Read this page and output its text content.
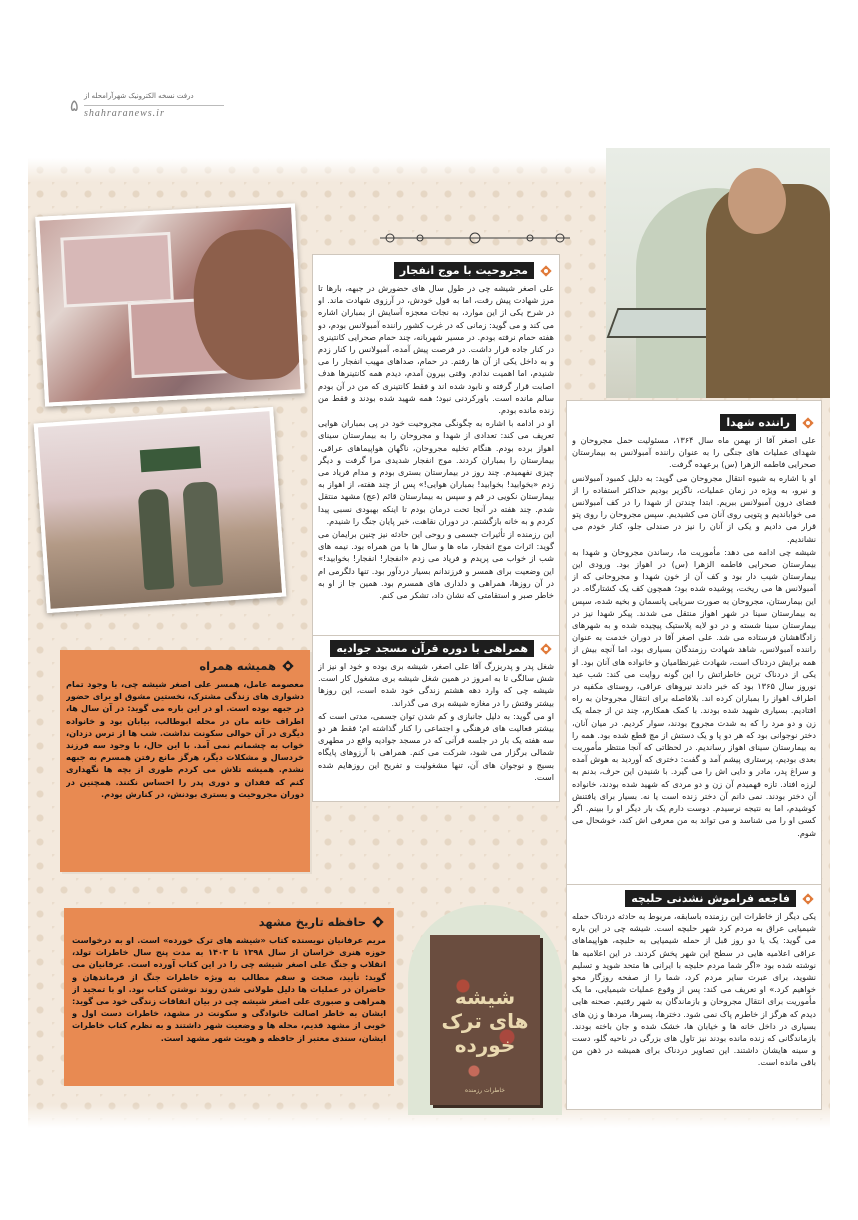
درفت نسخه الکترونیک شهرآرامحله از
۵ shahraranews.ir
مجروحیت با موج انفجار

علی اصغر شیشه چی در طول سال های حضورش در جبهه، بارها تا مرز شهادت پیش رفت، اما به قول خودش، در آرزوی شهادت ماند. او در شرح یکی از این موارد، به نجات معجزه آسایش از بمباران اشاره می کند و می گوید: زمانی که در غرب کشور راننده آمبولانس بودم، دو هفته حمام نرفته بودم. در مسیر شهربانه، چند حمام صحرایی کانتینری در کنار جاده قرار داشت. در فرصت پیش آمده، آمبولانس را کنار زدم و به داخل یکی از آن ها رفتم. در حمام، صداهای مهیب انفجار را می شنیدم، اما اهمیت ندادم. وقتی بیرون آمدم، دیدم همه کانتینرها هدف اصابت قرار گرفته و نابود شده اند و فقط کانتینری که من در آن بودم سالم مانده است. باورکردنی نبود؛ همه شهید شده بودند و فقط من زنده مانده بودم.

او در ادامه با اشاره به چگونگی مجروحیت خود در پی بمباران هوایی تعریف می کند: تعدادی از شهدا و مجروحان را به بیمارستان سینای اهواز برده بودم. هنگام تخلیه مجروحان، ناگهان هواپیماهای عراقی، بیمارستان را بمباران کردند. موج انفجار شدیدی مرا گرفت و دیگر چیزی نفهمیدم. چند روز در بیمارستان بستری بودم و مدام فریاد می زدم «بخوابید! بخوابید! بمباران هوایی!» پس از چند هفته، از اهواز به بیمارستان نکویی در قم و سپس به بیمارستان قائم (عج) مشهد منتقل شدم. چند هفته در آنجا تحت درمان بودم تا اینکه بهبودی نسبی پیدا کردم و به خانه بازگشتم. در دوران نقاهت، خبر پایان جنگ را شنیدم.

این رزمنده از تأثیرات جسمی و روحی این حادثه نیز چنین برایمان می گوید: اثرات موج انفجار، ماه ها و سال ها با من همراه بود. نیمه های شب از خواب می پریدم و فریاد می زدم «انفجار! انفجار! بخوابید!» این وضعیت برای همسر و فرزندانم بسیار دردآور بود. تنها دلگرمی ام در آن روزها، همراهی و دلداری های همسرم بود. همین جا از او به خاطر صبر و استقامتی که نشان داد، تشکر می کنم.

همراهی با دوره قرآن مسجد جوادیه

شغل پدر و پدربزرگ آقا علی اصغر، شیشه بری بوده و خود او نیز از شش سالگی تا به امروز در همین شغل شیشه بری مشغول کار است. شیشه چی که وارد دهه هشتم زندگی خود شده است، این روزها بیشتر وقتش را در مغازه شیشه بری می گذراند.

او می گوید: به دلیل جانبازی و کم شدن توان جسمی، مدتی است که بیشتر فعالیت های فرهنگی و اجتماعی را کنار گذاشته ام؛ فقط هر دو سه هفته یک بار در جلسه قرآنی که در مسجد جوادیه واقع در مطهری شمالی برگزار می شود، شرکت می کنم. همراهی با آرزوهای پایگاه بسیج و نوجوان های آن، تنها مشغولیت و تفریح این روزهایم شده است.

راننده شهدا

علی اصغر آقا از بهمن ماه سال ۱۳۶۴، مسئولیت حمل مجروحان و شهدای عملیات های جنگی را به عنوان راننده آمبولانس به بیمارستان صحرایی فاطمه الزهرا (س) برعهده گرفت.

او با اشاره به شیوه انتقال مجروحان می گوید: به دلیل کمبود آمبولانس و نیرو، به ویژه در زمان عملیات، ناگزیر بودیم حداکثر استفاده را از فضای درون آمبولانس ببریم. ابتدا چندتن از شهدا را در کف آمبولانس می خواباندیم و پتویی روی آنان می کشیدیم. سپس مجروحان را روی پتو قرار می دادیم و یکی از آنان را نیز در صندلی جلو، کنار خودم می نشاندیم.

شیشه چی ادامه می دهد: مأموریت ما، رساندن مجروحان و شهدا به بیمارستان صحرایی فاطمه الزهرا (س) در اهواز بود. ورودی این بیمارستان شیب دار بود و کف آن از خون شهدا و مجروحانی که از آمبولانس ها می ریخت، پوشیده شده بود؛ همچون کف یک کشتارگاه. در این بیمارستان، مجروحان به صورت سرپایی پانسمان و بخیه شده، سپس به بیمارستان سینا در شهر اهواز منتقل می شدند. پیکر شهدا نیز در بیمارستان سینا شسته و در دو لایه پلاستیک پیچیده شده و به شهرهای زادگاهشان فرستاده می شد. علی اصغر آقا در دوران خدمت به عنوان راننده آمبولانس، شاهد شهادت رزمندگان بسیاری بود، اما آنچه بیش از همه برایش دردناک است، شهادت غیرنظامیان و خانواده های آنان بود. او یکی از دردناک ترین خاطراتش را این گونه روایت می کند: شب عید نوروز سال ۱۳۶۵ بود که خبر دادند نیروهای عراقی، روستای مکفیه در اطراف اهواز را بمباران کرده اند. بلافاصله برای انتقال مجروحان به راه افتادیم. بسیاری شهید شده بودند. با کمک همکارم، چند تن از جمله یک زن و دو مرد را که به شدت مجروح بودند، سوار کردیم. در میان آنان، دختر نوجوانی بود که هر دو پا و یک دستش از مچ قطع شده بود. همه را به بیمارستان سینای اهواز رساندیم. در لحظاتی که آنجا منتظر مأموریت بعدی بودیم، پرستاری پیشم آمد و گفت: دختری که آوردید به هوش آمده و سراغ پدر، مادر و دایی اش را می گیرد. با شنیدن این حرف، بدنم به لرزه افتاد. تازه فهمیدم آن زن و دو مردی که شهید شده بودند، خانواده آن دختر بودند. نمی دانم آن دختر زنده است یا نه. بسیار برای یافتنش کوشیدم، اما به نتیجه نرسیدم. دوست دارم یک بار دیگر او را ببینم. اگر کسی او را می شناسد و می تواند به من معرفی اش کند، خوشحال می شوم.

فاجعه فراموش نشدنی حلبچه

یکی دیگر از خاطرات این رزمنده باسابقه، مربوط به حادثه دردناک حمله شیمیایی عراق به مردم کرد شهر حلبچه است. شیشه چی در این باره می گوید: یک یا دو روز قبل از حمله شیمیایی به حلبچه، هواپیماهای عراقی اعلامیه هایی در سطح این شهر پخش کردند. در این اعلامیه ها نوشته شده بود «اگر شما مردم حلبچه با ایرانی ها متحد شوید و تسلیم نشوید، برای عبرت سایر مردم کرد، شما را از صفحه روزگار محو خواهیم کرد.» او تعریف می کند: پس از وقوع عملیات شیمیایی، ما یک مأموریت برای انتقال مجروحان و بازماندگان به شهر رفتیم. صحنه هایی دیدم که هرگز از خاطرم پاک نمی شود. دخترها، پسرها، مردها و زن های بسیاری در داخل خانه ها و خیابان ها، خشک شده و جان باخته بودند. بازماندگانی که زنده مانده بودند نیز تاول های بزرگی در ناحیه گلو، دست و سینه هایشان داشتند. این تصاویر دردناک برای همیشه در ذهن من باقی مانده است.

همیشه همراه

معصومه عامل، همسر علی اصغر شیشه چی، با وجود تمام دشواری های زندگی مشترک، نخستین مشوق او برای حضور در جبهه بوده است. او در این باره می گوید: در آن سال ها، اطراف خانه مان در محله ابوطالب، بیابان بود و خانواده دیگری در آن حوالی سکونت نداشت. شب ها از ترس دزدان، خواب به چشمانم نمی آمد. با این حال، با وجود سه فرزند خردسال و مشکلات دیگر، هرگز مانع رفتن همسرم به جبهه نشدم. همیشه تلاش می کردم طوری از بچه ها نگهداری کنم که فقدان و دوری پدر را احساس نکنند. همچنین در دوران مجروحیت و بستری بودنش، در کنارش بودم.

حافظه تاریخ مشهد

مریم عرفانیان نویسنده کتاب «شیشه های ترک خورده» است. او به درخواست حوزه هنری خراسان از سال ۱۳۹۸ تا ۱۴۰۳ به مدت پنج سال خاطرات تولد، انقلاب و جنگ علی اصغر شیشه چی را در این کتاب آورده است. عرفانیان می گوید: تأیید، صحت و سقم مطالب به ویژه خاطرات جنگ از فرماندهان و حاضران در عملیات ها دلیل طولانی شدن روند نوشتن کتاب بود. او با تمجید از همراهی و صبوری علی اصغر شیشه چی در بیان اتفاقات زندگی خود می گوید: ایشان به خاطر اصالت خانوادگی و سکونت در مشهد، خاطرات دست اول و خوبی از مشهد قدیم، محله ها و وضعیت شهر داشتند و به نظرم کتاب خاطرات ایشان، سندی معتبر از حافظه و هویت شهر مشهد است.

شیشه های ترک خورده
خاطرات رزمنده
